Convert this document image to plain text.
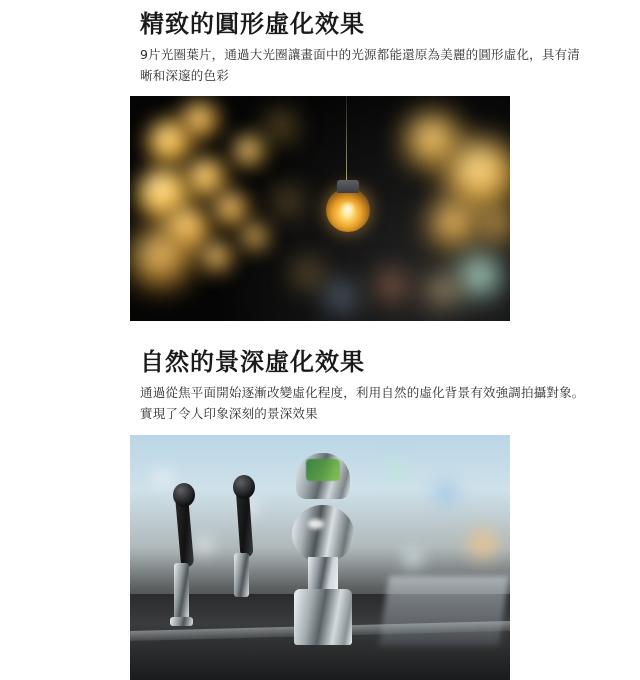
精致的圓形虛化效果

9片光圈葉片，通過大光圈讓畫面中的光源都能還原為美麗的圓形虛化，具有清晰和深邃的色彩

自然的景深虛化效果

通過從焦平面開始逐漸改變虛化程度，利用自然的虛化背景有效強調拍攝對象。實現了令人印象深刻的景深效果
